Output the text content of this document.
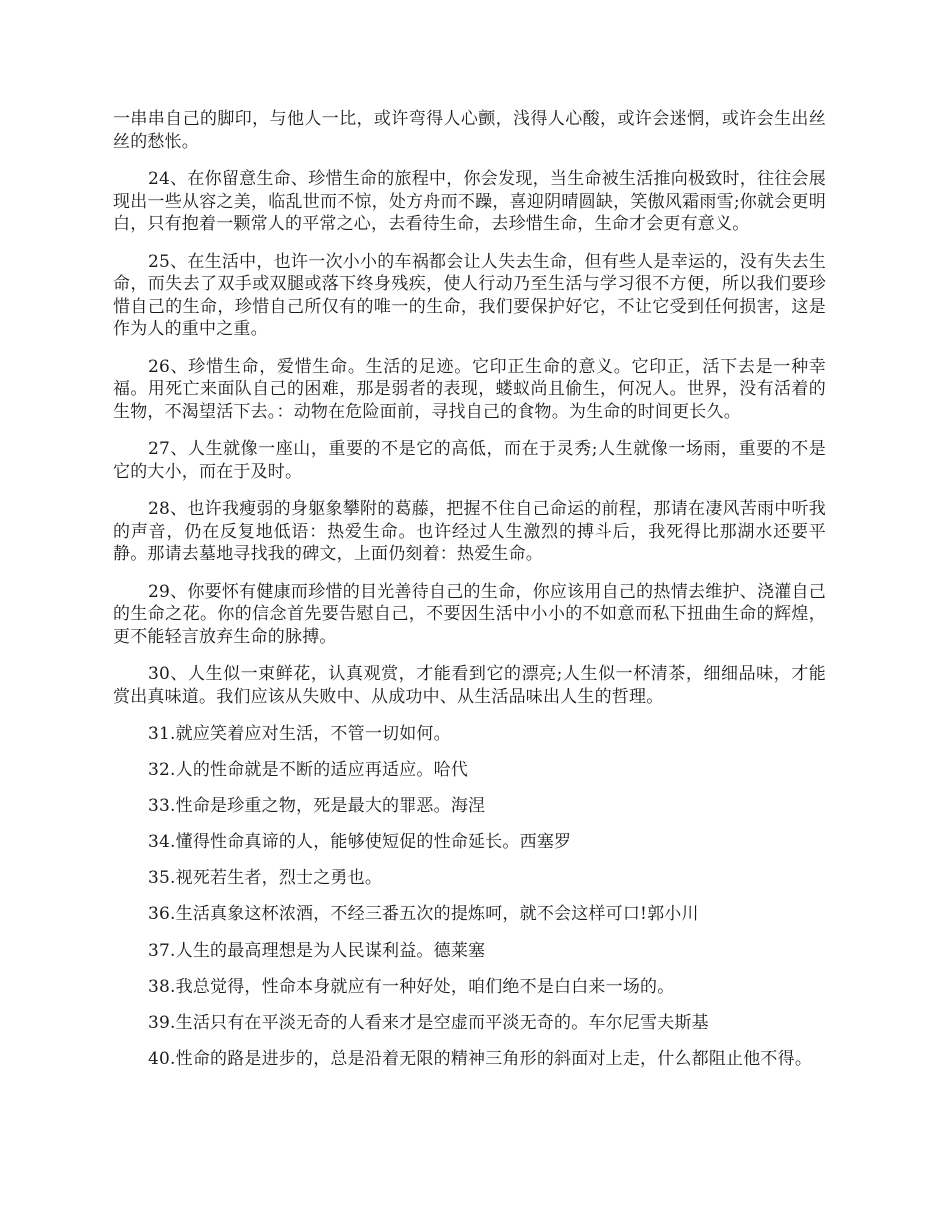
一串串自己的脚印，与他人一比，或许弯得人心颤，浅得人心酸，或许会迷惘，或许会生出丝丝的愁怅。

24、在你留意生命、珍惜生命的旅程中，你会发现，当生命被生活推向极致时，往往会展现出一些从容之美，临乱世而不惊，处方舟而不躁，喜迎阴晴圆缺，笑傲风霜雨雪;你就会更明白，只有抱着一颗常人的平常之心，去看待生命，去珍惜生命，生命才会更有意义。

25、在生活中，也许一次小小的车祸都会让人失去生命，但有些人是幸运的，没有失去生命，而失去了双手或双腿或落下终身残疾，使人行动乃至生活与学习很不方便，所以我们要珍惜自己的生命，珍惜自己所仅有的唯一的生命，我们要保护好它，不让它受到任何损害，这是作为人的重中之重。

26、珍惜生命，爱惜生命。生活的足迹。它印正生命的意义。它印正，活下去是一种幸福。用死亡来面队自己的困难，那是弱者的表现，蝼蚁尚且偷生，何况人。世界，没有活着的生物，不渴望活下去。：动物在危险面前，寻找自己的食物。为生命的时间更长久。

27、人生就像一座山，重要的不是它的高低，而在于灵秀;人生就像一场雨，重要的不是它的大小，而在于及时。

28、也许我瘦弱的身躯象攀附的葛藤，把握不住自己命运的前程，那请在凄风苦雨中听我的声音，仍在反复地低语：热爱生命。也许经过人生激烈的搏斗后，我死得比那湖水还要平静。那请去墓地寻找我的碑文，上面仍刻着：热爱生命。

29、你要怀有健康而珍惜的目光善待自己的生命，你应该用自己的热情去维护、浇灌自己的生命之花。你的信念首先要告慰自己，不要因生活中小小的不如意而私下扭曲生命的辉煌，更不能轻言放弃生命的脉搏。

30、人生似一束鲜花，认真观赏，才能看到它的漂亮;人生似一杯清茶，细细品味，才能赏出真味道。我们应该从失败中、从成功中、从生活品味出人生的哲理。

31.就应笑着应对生活，不管一切如何。

32.人的性命就是不断的适应再适应。哈代

33.性命是珍重之物，死是最大的罪恶。海涅

34.懂得性命真谛的人，能够使短促的性命延长。西塞罗

35.视死若生者，烈士之勇也。

36.生活真象这杯浓酒，不经三番五次的提炼呵，就不会这样可口!郭小川

37.人生的最高理想是为人民谋利益。德莱塞

38.我总觉得，性命本身就应有一种好处，咱们绝不是白白来一场的。

39.生活只有在平淡无奇的人看来才是空虚而平淡无奇的。车尔尼雪夫斯基

40.性命的路是进步的，总是沿着无限的精神三角形的斜面对上走，什么都阻止他不得。
